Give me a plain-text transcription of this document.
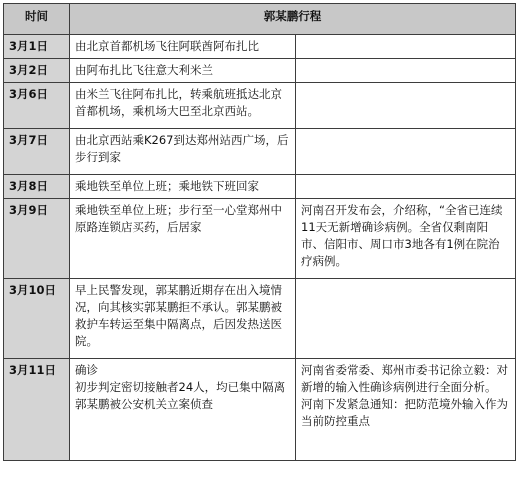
时间	郭某鹏行程	
3月1日	由北京首都机场飞往阿联酋阿布扎比	

3月2日	由阿布扎比飞往意大利米兰	

3月6日	由米兰飞往阿布扎比，转乘航班抵达北京首都机场，乘机场大巴至北京西站。	

3月7日	由北京西站乘K267到达郑州站西广场，后步行到家	

3月8日	乘地铁至单位上班；乘地铁下班回家	

3月9日	乘地铁至单位上班；步行至一心堂郑州中原路连锁店买药，后居家	河南召开发布会，介绍称，“全省已连续11天无新增确诊病例。全省仅剩南阳市、信阳市、周口市3地各有1例在院治疗病例。

3月10日	早上民警发现，郭某鹏近期存在出入境情况，向其核实郭某鹏拒不承认。郭某鹏被救护车转运至集中隔离点，后因发热送医院。	

3月11日	确诊
初步判定密切接触者24人，均已集中隔离
郭某鹏被公安机关立案侦查	河南省委常委、郑州市委书记徐立毅：对新增的输入性确诊病例进行全面分析。
河南下发紧急通知：把防范境外输入作为当前防控重点
